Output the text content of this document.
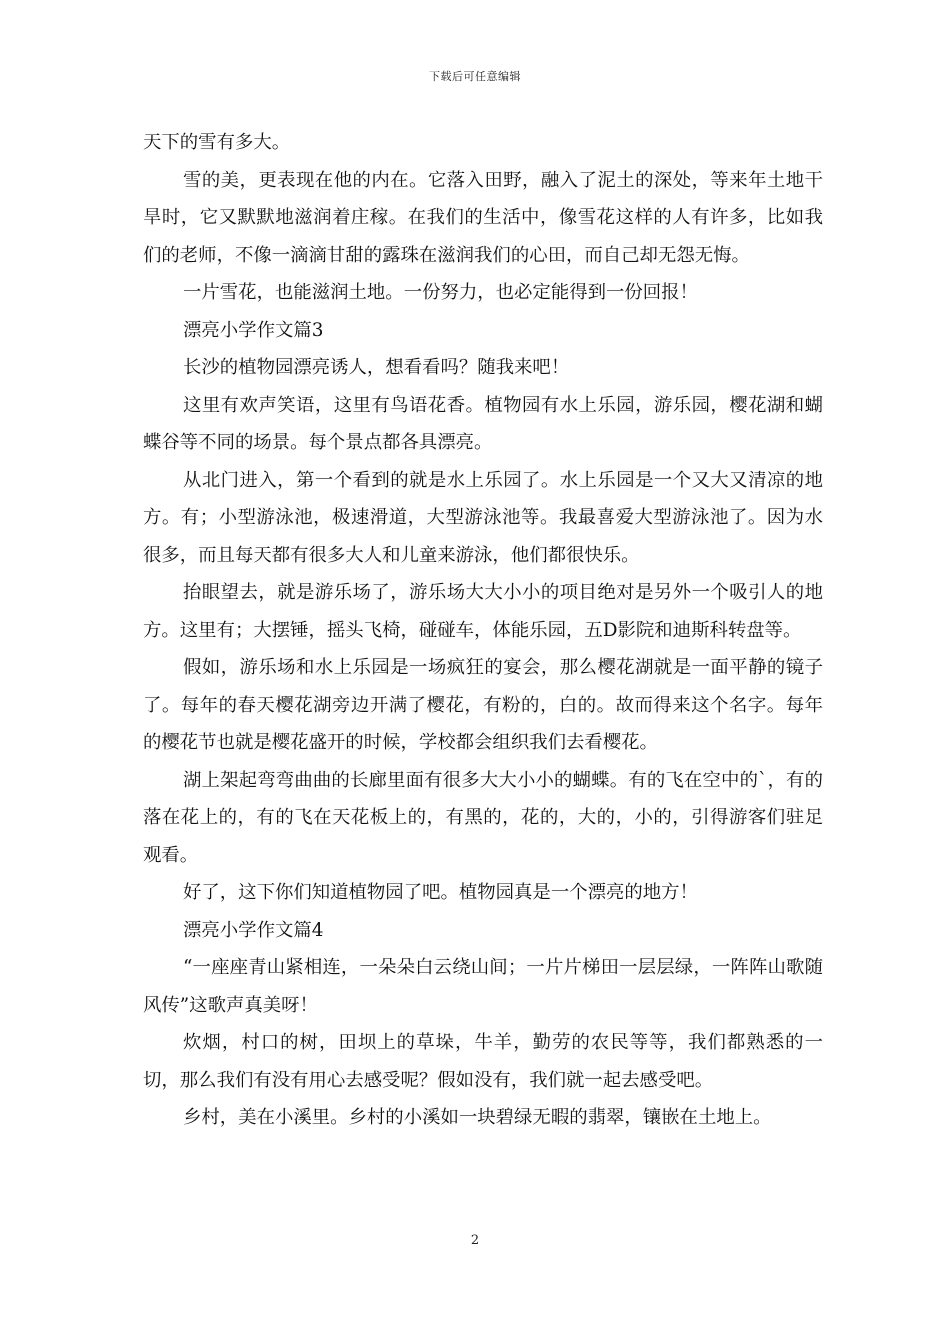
下载后可任意编辑

天下的雪有多大。

雪的美，更表现在他的内在。它落入田野，融入了泥土的深处，等来年土地干旱时，它又默默地滋润着庄稼。在我们的生活中，像雪花这样的人有许多，比如我们的老师，不像一滴滴甘甜的露珠在滋润我们的心田，而自己却无怨无悔。

一片雪花，也能滋润土地。一份努力，也必定能得到一份回报！

漂亮小学作文篇3

长沙的植物园漂亮诱人，想看看吗？随我来吧！

这里有欢声笑语，这里有鸟语花香。植物园有水上乐园，游乐园，樱花湖和蝴蝶谷等不同的场景。每个景点都各具漂亮。

从北门进入，第一个看到的就是水上乐园了。水上乐园是一个又大又清凉的地方。有；小型游泳池，极速滑道，大型游泳池等。我最喜爱大型游泳池了。因为水很多，而且每天都有很多大人和儿童来游泳，他们都很快乐。

抬眼望去，就是游乐场了，游乐场大大小小的项目绝对是另外一个吸引人的地方。这里有；大摆锤，摇头飞椅，碰碰车，体能乐园，五D影院和迪斯科转盘等。

假如，游乐场和水上乐园是一场疯狂的宴会，那么樱花湖就是一面平静的镜子了。每年的春天樱花湖旁边开满了樱花，有粉的，白的。故而得来这个名字。每年的樱花节也就是樱花盛开的时候，学校都会组织我们去看樱花。

湖上架起弯弯曲曲的长廊里面有很多大大小小的蝴蝶。有的飞在空中的`，有的落在花上的，有的飞在天花板上的，有黑的，花的，大的，小的，引得游客们驻足观看。

好了，这下你们知道植物园了吧。植物园真是一个漂亮的地方！

漂亮小学作文篇4

“一座座青山紧相连，一朵朵白云绕山间；一片片梯田一层层绿，一阵阵山歌随风传”这歌声真美呀！

炊烟，村口的树，田坝上的草垛，牛羊，勤劳的农民等等，我们都熟悉的一切，那么我们有没有用心去感受呢？假如没有，我们就一起去感受吧。

乡村，美在小溪里。乡村的小溪如一块碧绿无暇的翡翠，镶嵌在土地上。

2
